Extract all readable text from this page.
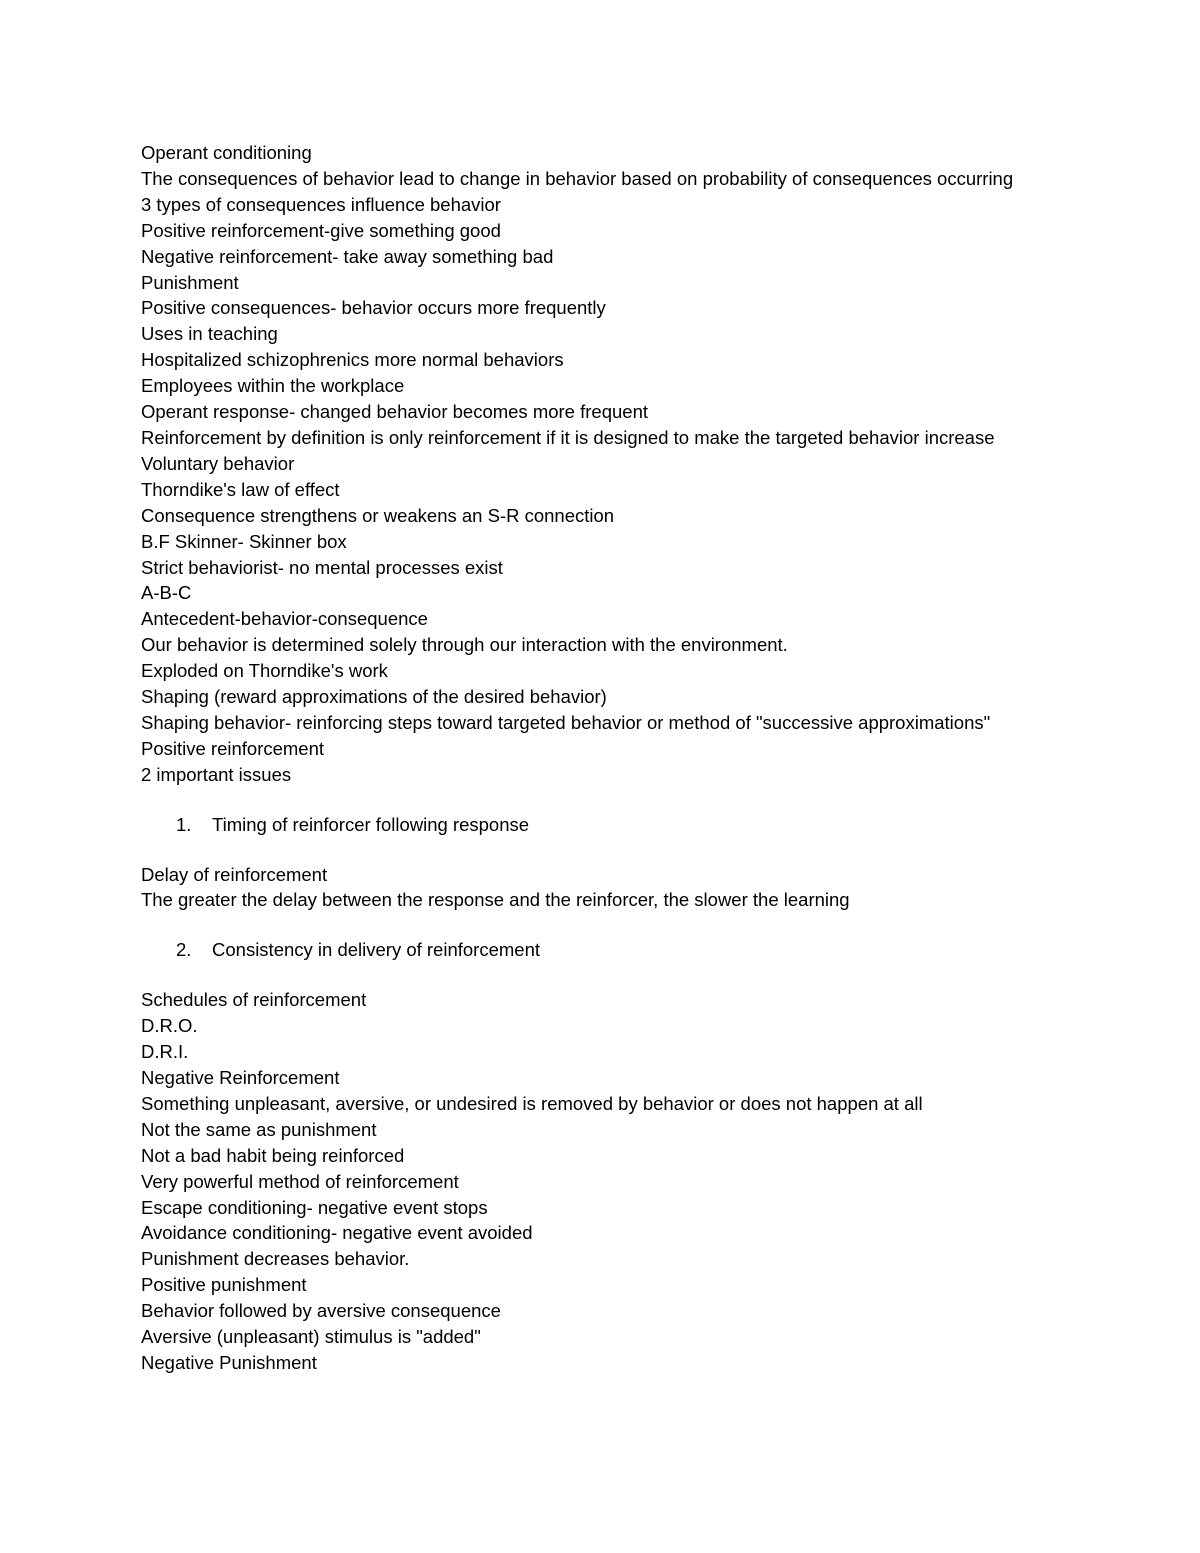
Operant conditioning

The consequences of behavior lead to change in behavior based on probability of consequences occurring

3 types of consequences influence behavior

Positive reinforcement-give something good

Negative reinforcement- take away something bad

Punishment

Positive consequences- behavior occurs more frequently

Uses in teaching

Hospitalized schizophrenics more normal behaviors

Employees within the workplace

Operant response- changed behavior becomes more frequent

Reinforcement by definition is only reinforcement if it is designed to make the targeted behavior increase

Voluntary behavior

Thorndike's law of effect

Consequence strengthens or weakens an S-R connection

B.F Skinner- Skinner box

Strict behaviorist- no mental processes exist

A-B-C

Antecedent-behavior-consequence

Our behavior is determined solely through our interaction with the environment.

Exploded on Thorndike's work

Shaping (reward approximations of the desired behavior)

Shaping behavior- reinforcing steps toward targeted behavior or method of "successive approximations"

Positive reinforcement

2 important issues

1. Timing of reinforcer following response

Delay of reinforcement

The greater the delay between the response and the reinforcer, the slower the learning

2. Consistency in delivery of reinforcement

Schedules of reinforcement

D.R.O.

D.R.I.

Negative Reinforcement

Something unpleasant, aversive, or undesired is removed by behavior or does not happen at all

Not the same as punishment

Not a bad habit being reinforced

Very powerful method of reinforcement

Escape conditioning- negative event stops

Avoidance conditioning- negative event avoided

Punishment decreases behavior.

Positive punishment

Behavior followed by aversive consequence

Aversive (unpleasant) stimulus is "added"

Negative Punishment
